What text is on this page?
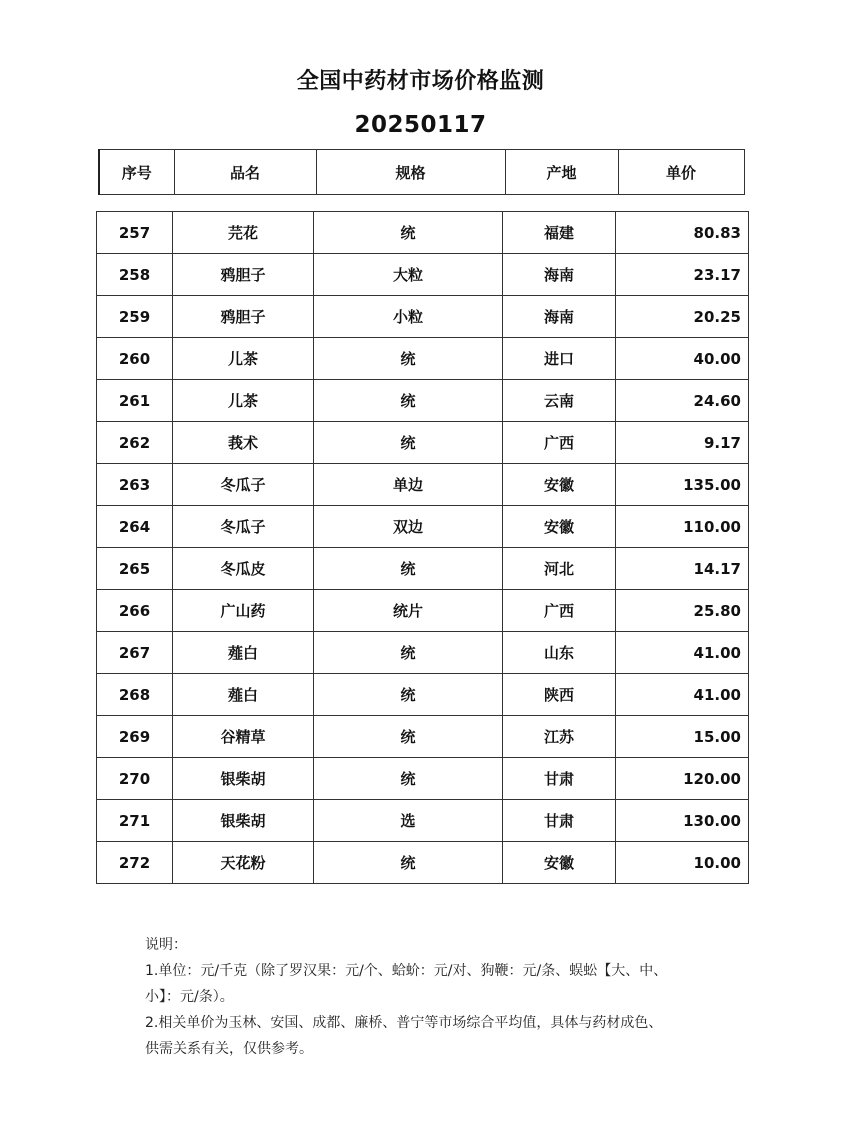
全国中药材市场价格监测
20250117
序号	品名	规格	产地	单价
257	芫花	统	福建	80.83
258	鸦胆子	大粒	海南	23.17
259	鸦胆子	小粒	海南	20.25
260	儿茶	统	进口	40.00
261	儿茶	统	云南	24.60
262	莪术	统	广西	9.17
263	冬瓜子	单边	安徽	135.00
264	冬瓜子	双边	安徽	110.00
265	冬瓜皮	统	河北	14.17
266	广山药	统片	广西	25.80
267	薤白	统	山东	41.00
268	薤白	统	陕西	41.00
269	谷精草	统	江苏	15.00
270	银柴胡	统	甘肃	120.00
271	银柴胡	选	甘肃	130.00
272	天花粉	统	安徽	10.00
说明：
1.单位：元/千克（除了罗汉果：元/个、蛤蚧：元/对、狗鞭：元/条、蜈蚣【大、中、
小】：元/条）。
2.相关单价为玉林、安国、成都、廉桥、普宁等市场综合平均值，具体与药材成色、
供需关系有关，仅供参考。
